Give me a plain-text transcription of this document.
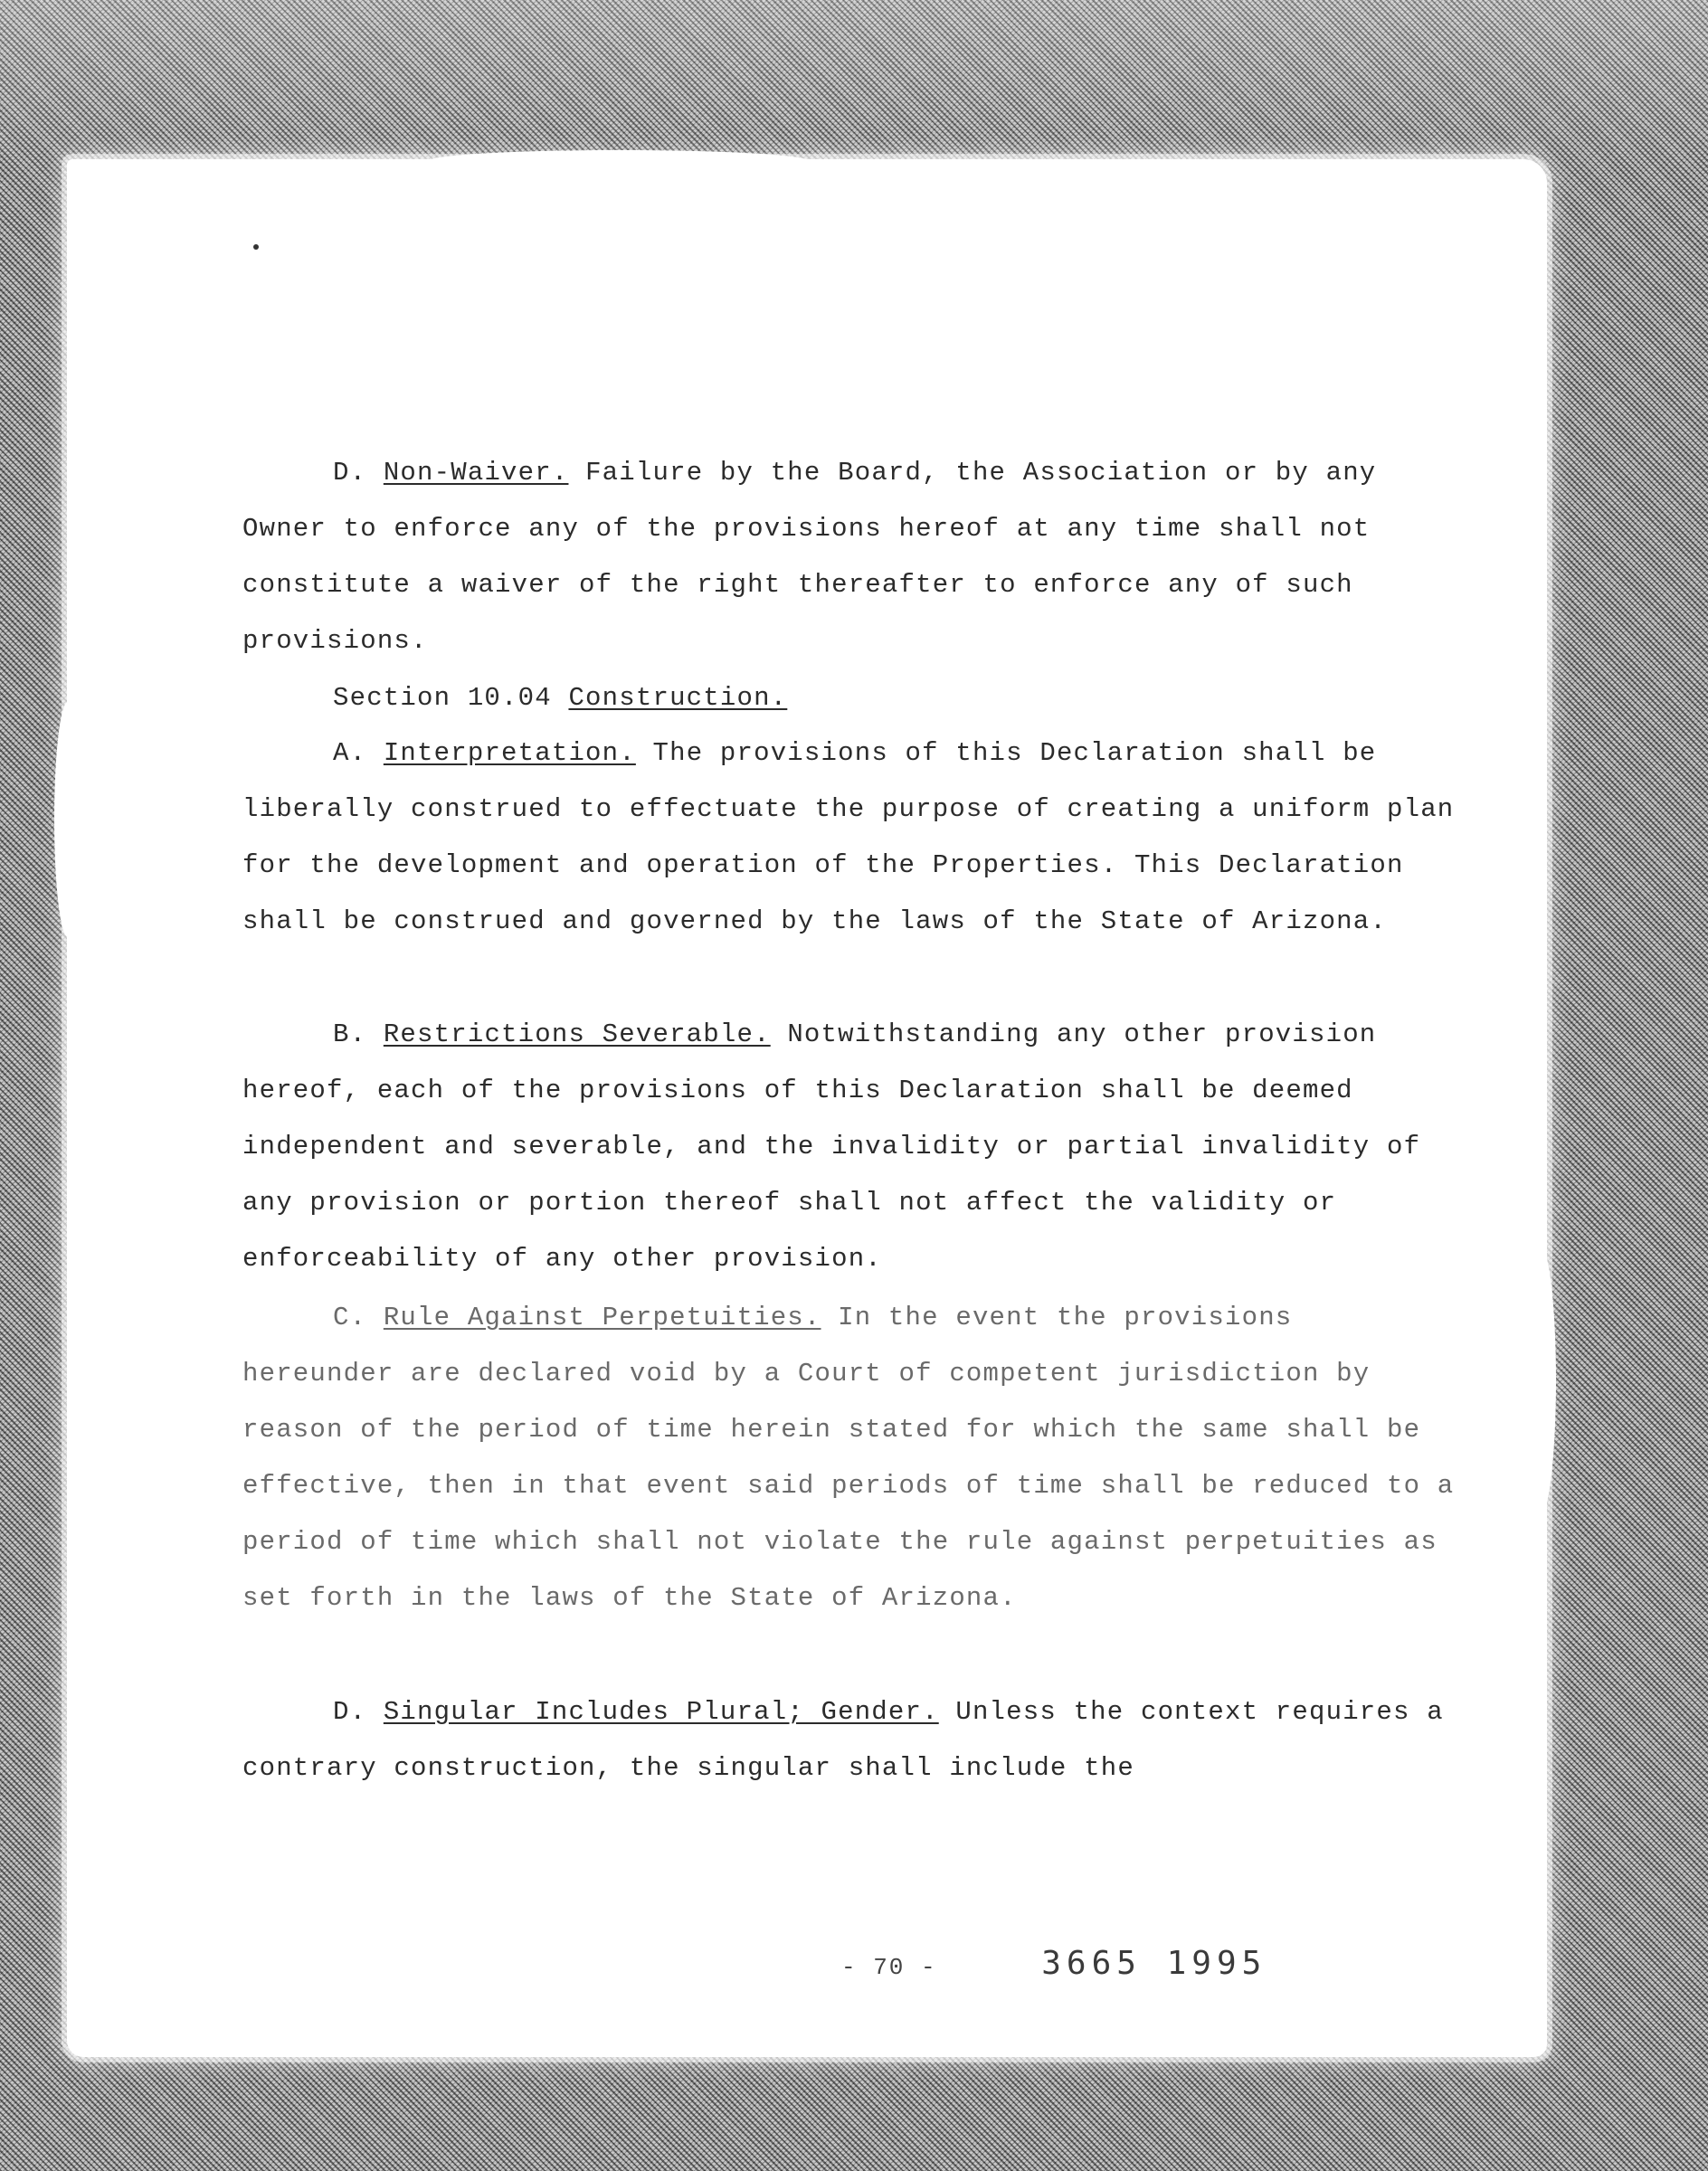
D. Non-Waiver. Failure by the Board, the Association or by any Owner to enforce any of the provisions hereof at any time shall not constitute a waiver of the right thereafter to enforce any of such provisions.
Section 10.04 Construction.
A. Interpretation. The provisions of this Declaration shall be liberally construed to effectuate the purpose of creating a uniform plan for the development and operation of the Properties. This Declaration shall be construed and governed by the laws of the State of Arizona.
B. Restrictions Severable. Notwithstanding any other provision hereof, each of the provisions of this Declaration shall be deemed independent and severable, and the invalidity or partial invalidity of any provision or portion thereof shall not affect the validity or enforceability of any other provision.
C. Rule Against Perpetuities. In the event the provisions hereunder are declared void by a Court of competent jurisdiction by reason of the period of time herein stated for which the same shall be effective, then in that event said periods of time shall be reduced to a period of time which shall not violate the rule against perpetuities as set forth in the laws of the State of Arizona.
D. Singular Includes Plural; Gender. Unless the context requires a contrary construction, the singular shall include the
- 70 -	3665 1995
